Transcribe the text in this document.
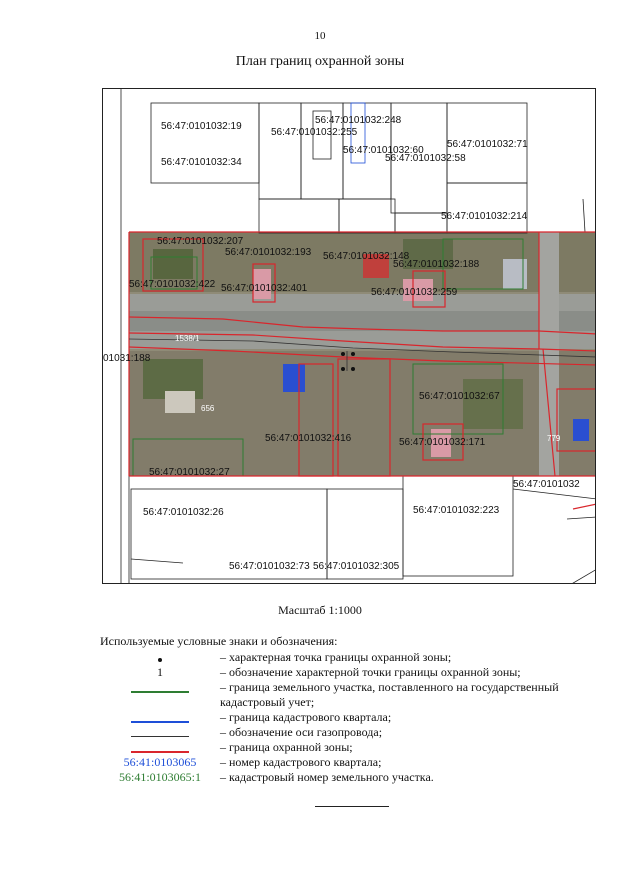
10
План границ охранной зоны
56:47:0101032:19
56:47:0101032:34
56:47:0101032:255
56:47:0101032:248
56:47:0101032:60
56:47:0101032:58
56:47:0101032:71
56:47:0101032:214
56:47:0101032:207
56:47:0101032:193 56:47:0101032:148
56:47:0101032:188
56:47:0101032:422 56:47:0101032:401	56:47:0101032:259
01031:188
56:47:0101032:67
56:47:0101032:416	56:47:0101032:171
56:47:0101032:27
56:47:0101032
56:47:0101032:26	56:47:0101032:223
56:47:0101032:305
56:47:0101032:73
1538/1
656
779
Масштаб 1:1000
Используемые условные знаки и обозначения:
– характерная точка границы охранной зоны;
1	– обозначение характерной точки границы охранной зоны;
– граница земельного участка, поставленного на государственный кадастровый учет;
– граница кадастрового квартала;
– обозначение оси газопровода;
– граница охранной зоны;
56:41:0103065	– номер кадастрового квартала;
56:41:0103065:1	– кадастровый номер земельного участка.
